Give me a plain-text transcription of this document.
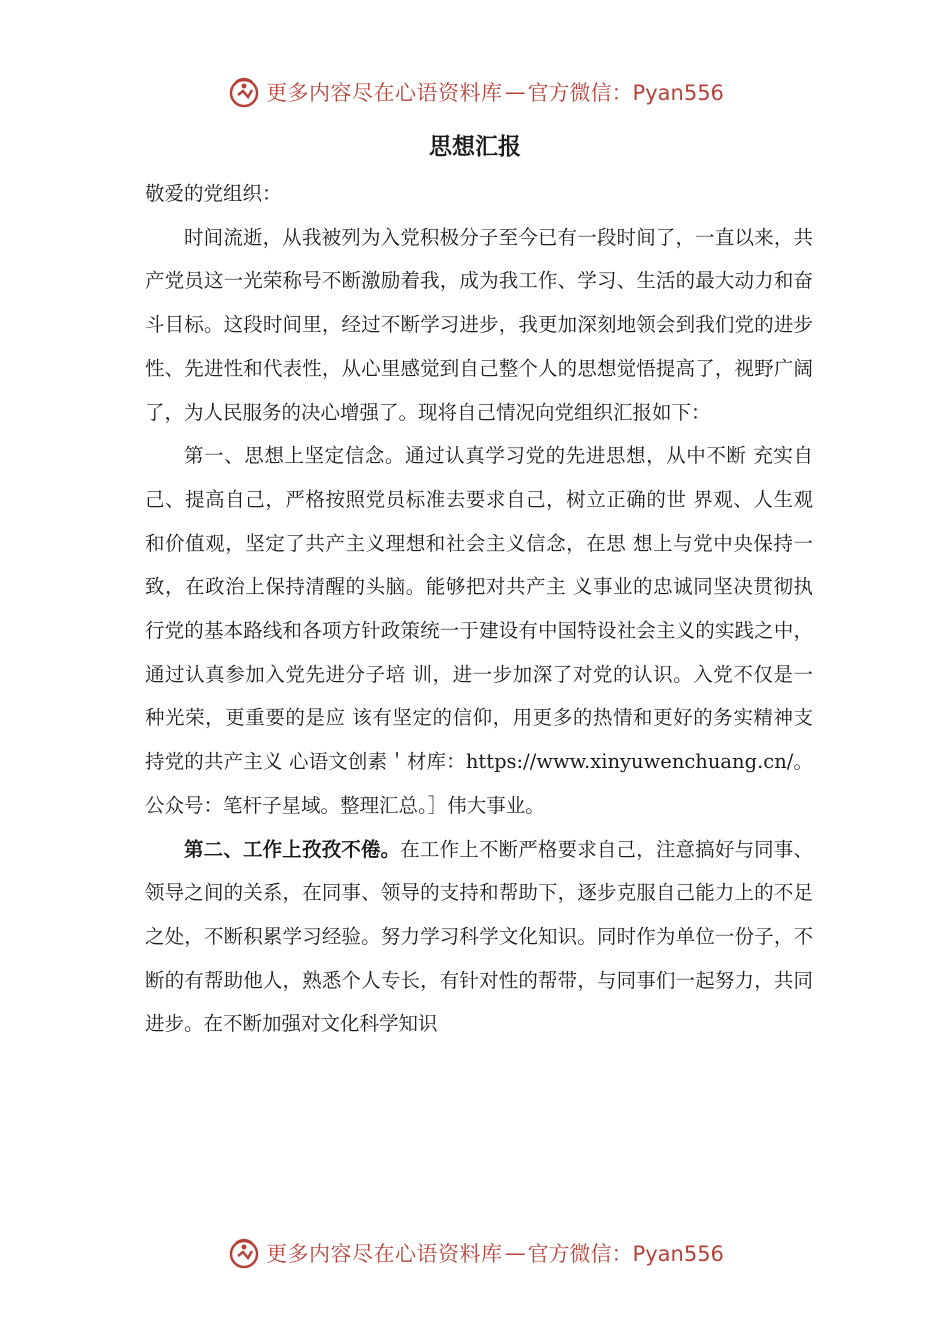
更多内容尽在心语资料库 — 官方微信：Pyan556
思想汇报

敬爱的党组织：

时间流逝，从我被列为入党积极分子至今已有一段时间了，一直以来，共产党员这一光荣称号不断激励着我，成为我工作、学习、生活的最大动力和奋斗目标。这段时间里，经过不断学习进步，我更加深刻地领会到我们党的进步性、先进性和代表性，从心里感觉到自己整个人的思想觉悟提高了，视野广阔了，为人民服务的决心增强了。现将自己情况向党组织汇报如下：

第一、思想上坚定信念。通过认真学习党的先进思想，从中不断 充实自己、提高自己，严格按照党员标准去要求自己，树立正确的世 界观、人生观和价值观，坚定了共产主义理想和社会主义信念，在思 想上与党中央保持一致，在政治上保持清醒的头脑。能够把对共产主 义事业的忠诚同坚决贯彻执行党的基本路线和各项方针政策统一于建设有中国特设社会主义的实践之中，通过认真参加入党先进分子培 训，进一步加深了对党的认识。入党不仅是一种光荣，更重要的是应 该有坚定的信仰，用更多的热情和更好的务实精神支持党的共产主义 心语文创素＇材库：https://www.xinyuwenchuang.cn/。公众号：笔杆子星域。整理汇总。］伟大事业。

第二、工作上孜孜不倦。在工作上不断严格要求自己，注意搞好与同事、领导之间的关系，在同事、领导的支持和帮助下，逐步克服自己能力上的不足之处，不断积累学习经验。努力学习科学文化知识。同时作为单位一份子，不断的有帮助他人，熟悉个人专长，有针对性的帮带，与同事们一起努力，共同进步。在不断加强对文化科学知识

更多内容尽在心语资料库 — 官方微信：Pyan556
